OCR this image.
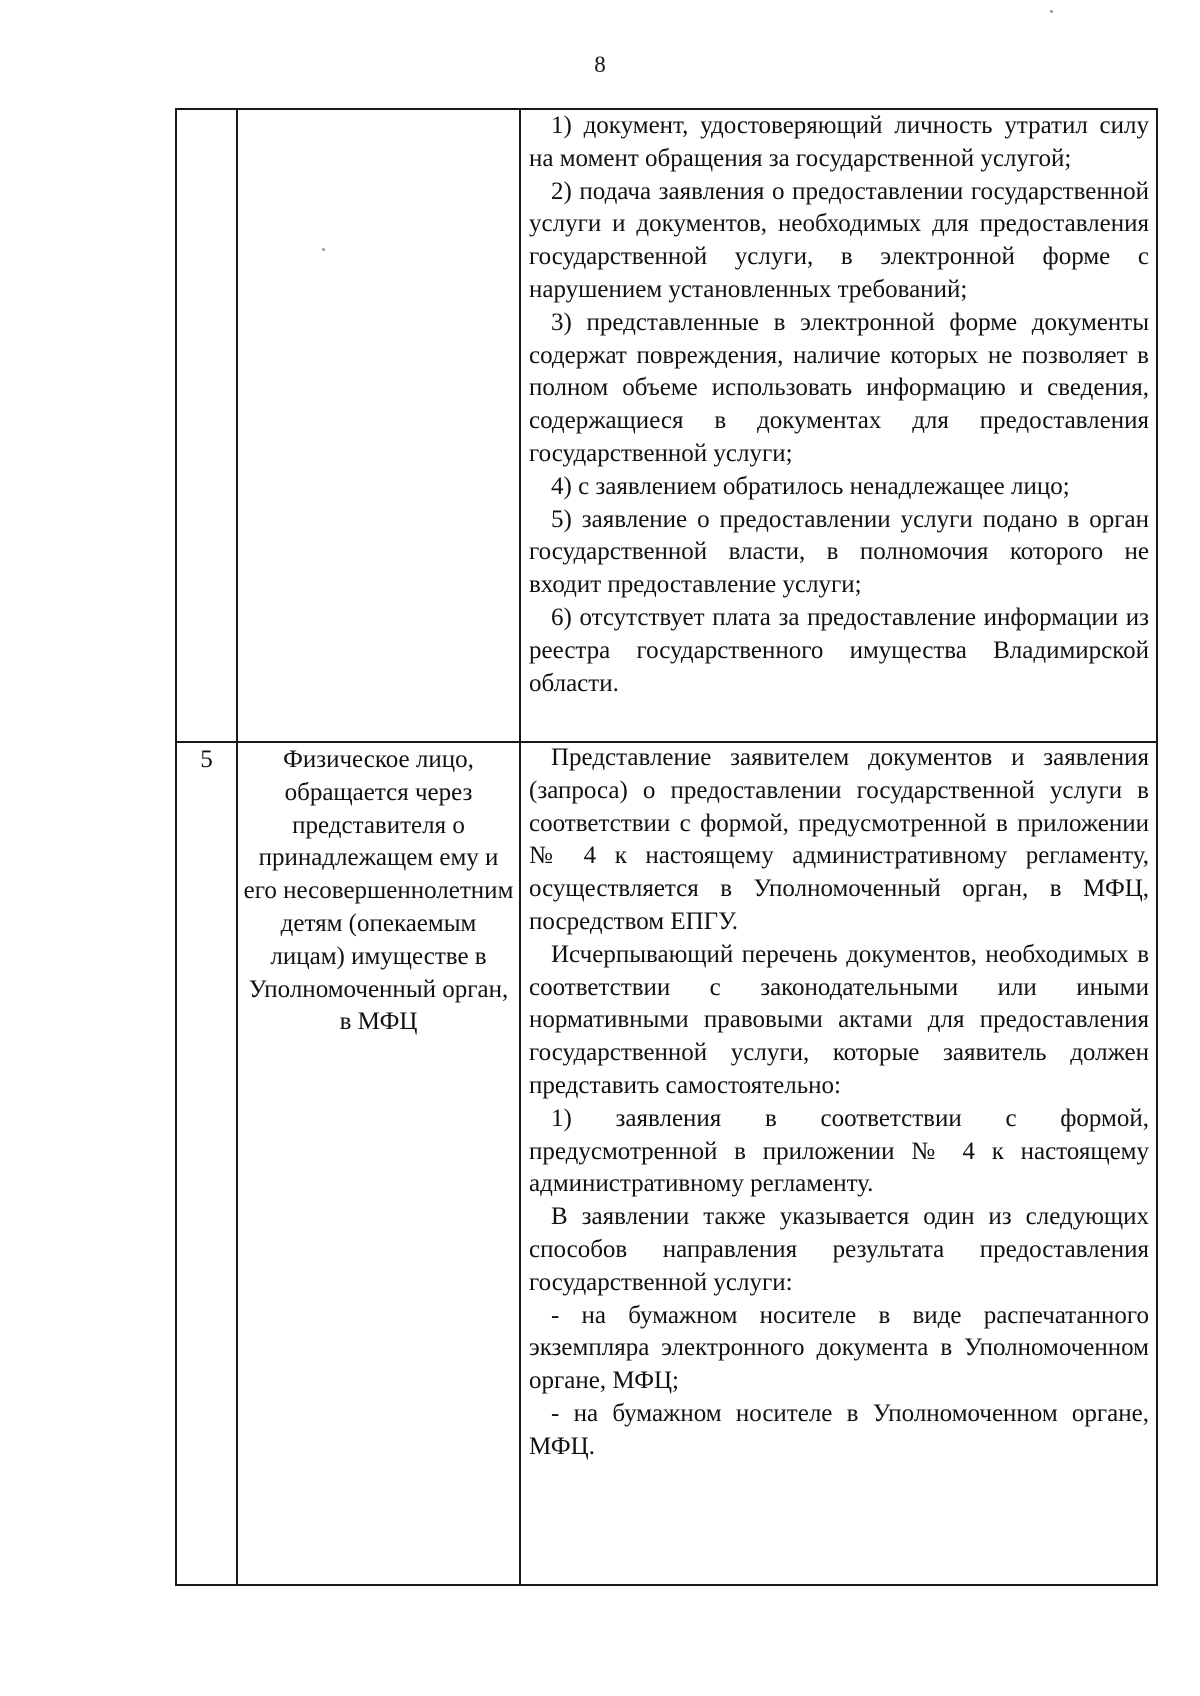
8

1) документ, удостоверяющий личность утратил силу на момент обращения за государственной услугой;

2) подача заявления о предоставлении государственной услуги и документов, необходимых для предоставления государственной услуги, в электронной форме с нарушением установленных требований;

3) представленные в электронной форме документы содержат повреждения, наличие которых не позволяет в полном объеме использовать информацию и сведения, содержащиеся в документах для предоставления государственной услуги;

4) с заявлением обратилось ненадлежащее лицо;

5) заявление о предоставлении услуги подано в орган государственной власти, в полномочия которого не входит предоставление услуги;

6) отсутствует плата за предоставление информации из реестра государственного имущества Владимирской области.

5	Физическое лицо, обращается через представителя о принадлежащем ему и его несовершеннолетним детям (опекаемым лицам) имуществе в Уполномоченный орган, в МФЦ

Представление заявителем документов и заявления (запроса) о предоставлении государственной услуги в соответствии с формой, предусмотренной в приложении № 4 к настоящему административному регламенту, осуществляется в Уполномоченный орган, в МФЦ, посредством ЕПГУ.

Исчерпывающий перечень документов, необходимых в соответствии с законодательными или иными нормативными правовыми актами для предоставления государственной услуги, которые заявитель должен представить самостоятельно:

1) заявления в соответствии с формой, предусмотренной в приложении № 4 к настоящему административному регламенту.

В заявлении также указывается один из следующих способов направления результата предоставления государственной услуги:

- на бумажном носителе в виде распечатанного экземпляра электронного документа в Уполномоченном органе, МФЦ;

- на бумажном носителе в Уполномоченном органе, МФЦ.
